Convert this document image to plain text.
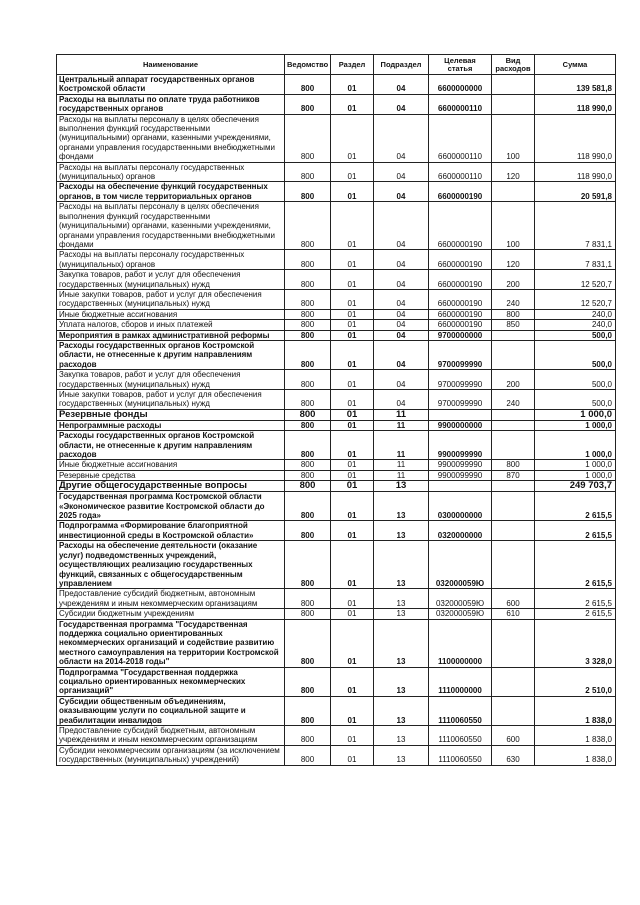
Наименование	Ведомство	Раздел	Подраздел	Целевая статья	Вид расходов	Сумма
Центральный аппарат государственных органов Костромской области	800	01	04	6600000000		139 581,8
Расходы на выплаты по оплате труда работников государственных органов	800	01	04	6600000110		118 990,0
Расходы на выплаты персоналу в целях обеспечения выполнения функций государственными (муниципальными) органами, казенными учреждениями, органами управления государственными внебюджетными фондами	800	01	04	6600000110	100	118 990,0
Расходы на выплаты персоналу государственных (муниципальных) органов	800	01	04	6600000110	120	118 990,0
Расходы на обеспечение функций государственных органов, в том числе территориальных органов	800	01	04	6600000190		20 591,8
Расходы на выплаты персоналу в целях обеспечения выполнения функций государственными (муниципальными) органами, казенными учреждениями, органами управления государственными внебюджетными фондами	800	01	04	6600000190	100	7 831,1
Расходы на выплаты персоналу государственных (муниципальных) органов	800	01	04	6600000190	120	7 831,1
Закупка товаров, работ и услуг для обеспечения государственных (муниципальных) нужд	800	01	04	6600000190	200	12 520,7
Иные закупки товаров, работ и услуг для обеспечения государственных (муниципальных) нужд	800	01	04	6600000190	240	12 520,7
Иные бюджетные ассигнования	800	01	04	6600000190	800	240,0
Уплата налогов, сборов и иных платежей	800	01	04	6600000190	850	240,0
Мероприятия в рамках административной реформы	800	01	04	9700000000		500,0
Расходы государственных органов Костромской области, не отнесенные к другим направлениям расходов	800	01	04	9700099990		500,0
Закупка товаров, работ и услуг для обеспечения государственных (муниципальных) нужд	800	01	04	9700099990	200	500,0
Иные закупки товаров, работ и услуг для обеспечения государственных (муниципальных) нужд	800	01	04	9700099990	240	500,0
Резервные фонды	800	01	11			1 000,0
Непрограммные расходы	800	01	11	9900000000		1 000,0
Расходы государственных органов Костромской области, не отнесенные к другим направлениям расходов	800	01	11	9900099990		1 000,0
Иные бюджетные ассигнования	800	01	11	9900099990	800	1 000,0
Резервные средства	800	01	11	9900099990	870	1 000,0
Другие общегосударственные вопросы	800	01	13			249 703,7
Государственная программа Костромской области «Экономическое развитие Костромской области до 2025 года»	800	01	13	0300000000		2 615,5
Подпрограмма «Формирование благоприятной инвестиционной среды в Костромской области»	800	01	13	0320000000		2 615,5
Расходы на обеспечение деятельности (оказание услуг) подведомственных учреждений, осуществляющих реализацию государственных функций, связанных с общегосударственным управлением	800	01	13	032000059Ю		2 615,5
Предоставление субсидий бюджетным, автономным учреждениям и иным некоммерческим организациям	800	01	13	032000059Ю	600	2 615,5
Субсидии бюджетным учреждениям	800	01	13	032000059Ю	610	2 615,5
Государственная программа "Государственная поддержка социально ориентированных некоммерческих организаций и содействие развитию местного самоуправления на территории Костромской области на 2014-2018 годы"	800	01	13	1100000000		3 328,0
Подпрограмма "Государственная поддержка социально ориентированных некоммерческих организаций"	800	01	13	1110000000		2 510,0
Субсидии общественным объединениям, оказывающим услуги по социальной защите и реабилитации инвалидов	800	01	13	1110060550		1 838,0
Предоставление субсидий бюджетным, автономным учреждениям и иным некоммерческим организациям	800	01	13	1110060550	600	1 838,0
Субсидии некоммерческим организациям (за исключением государственных (муниципальных) учреждений)	800	01	13	1110060550	630	1 838,0
